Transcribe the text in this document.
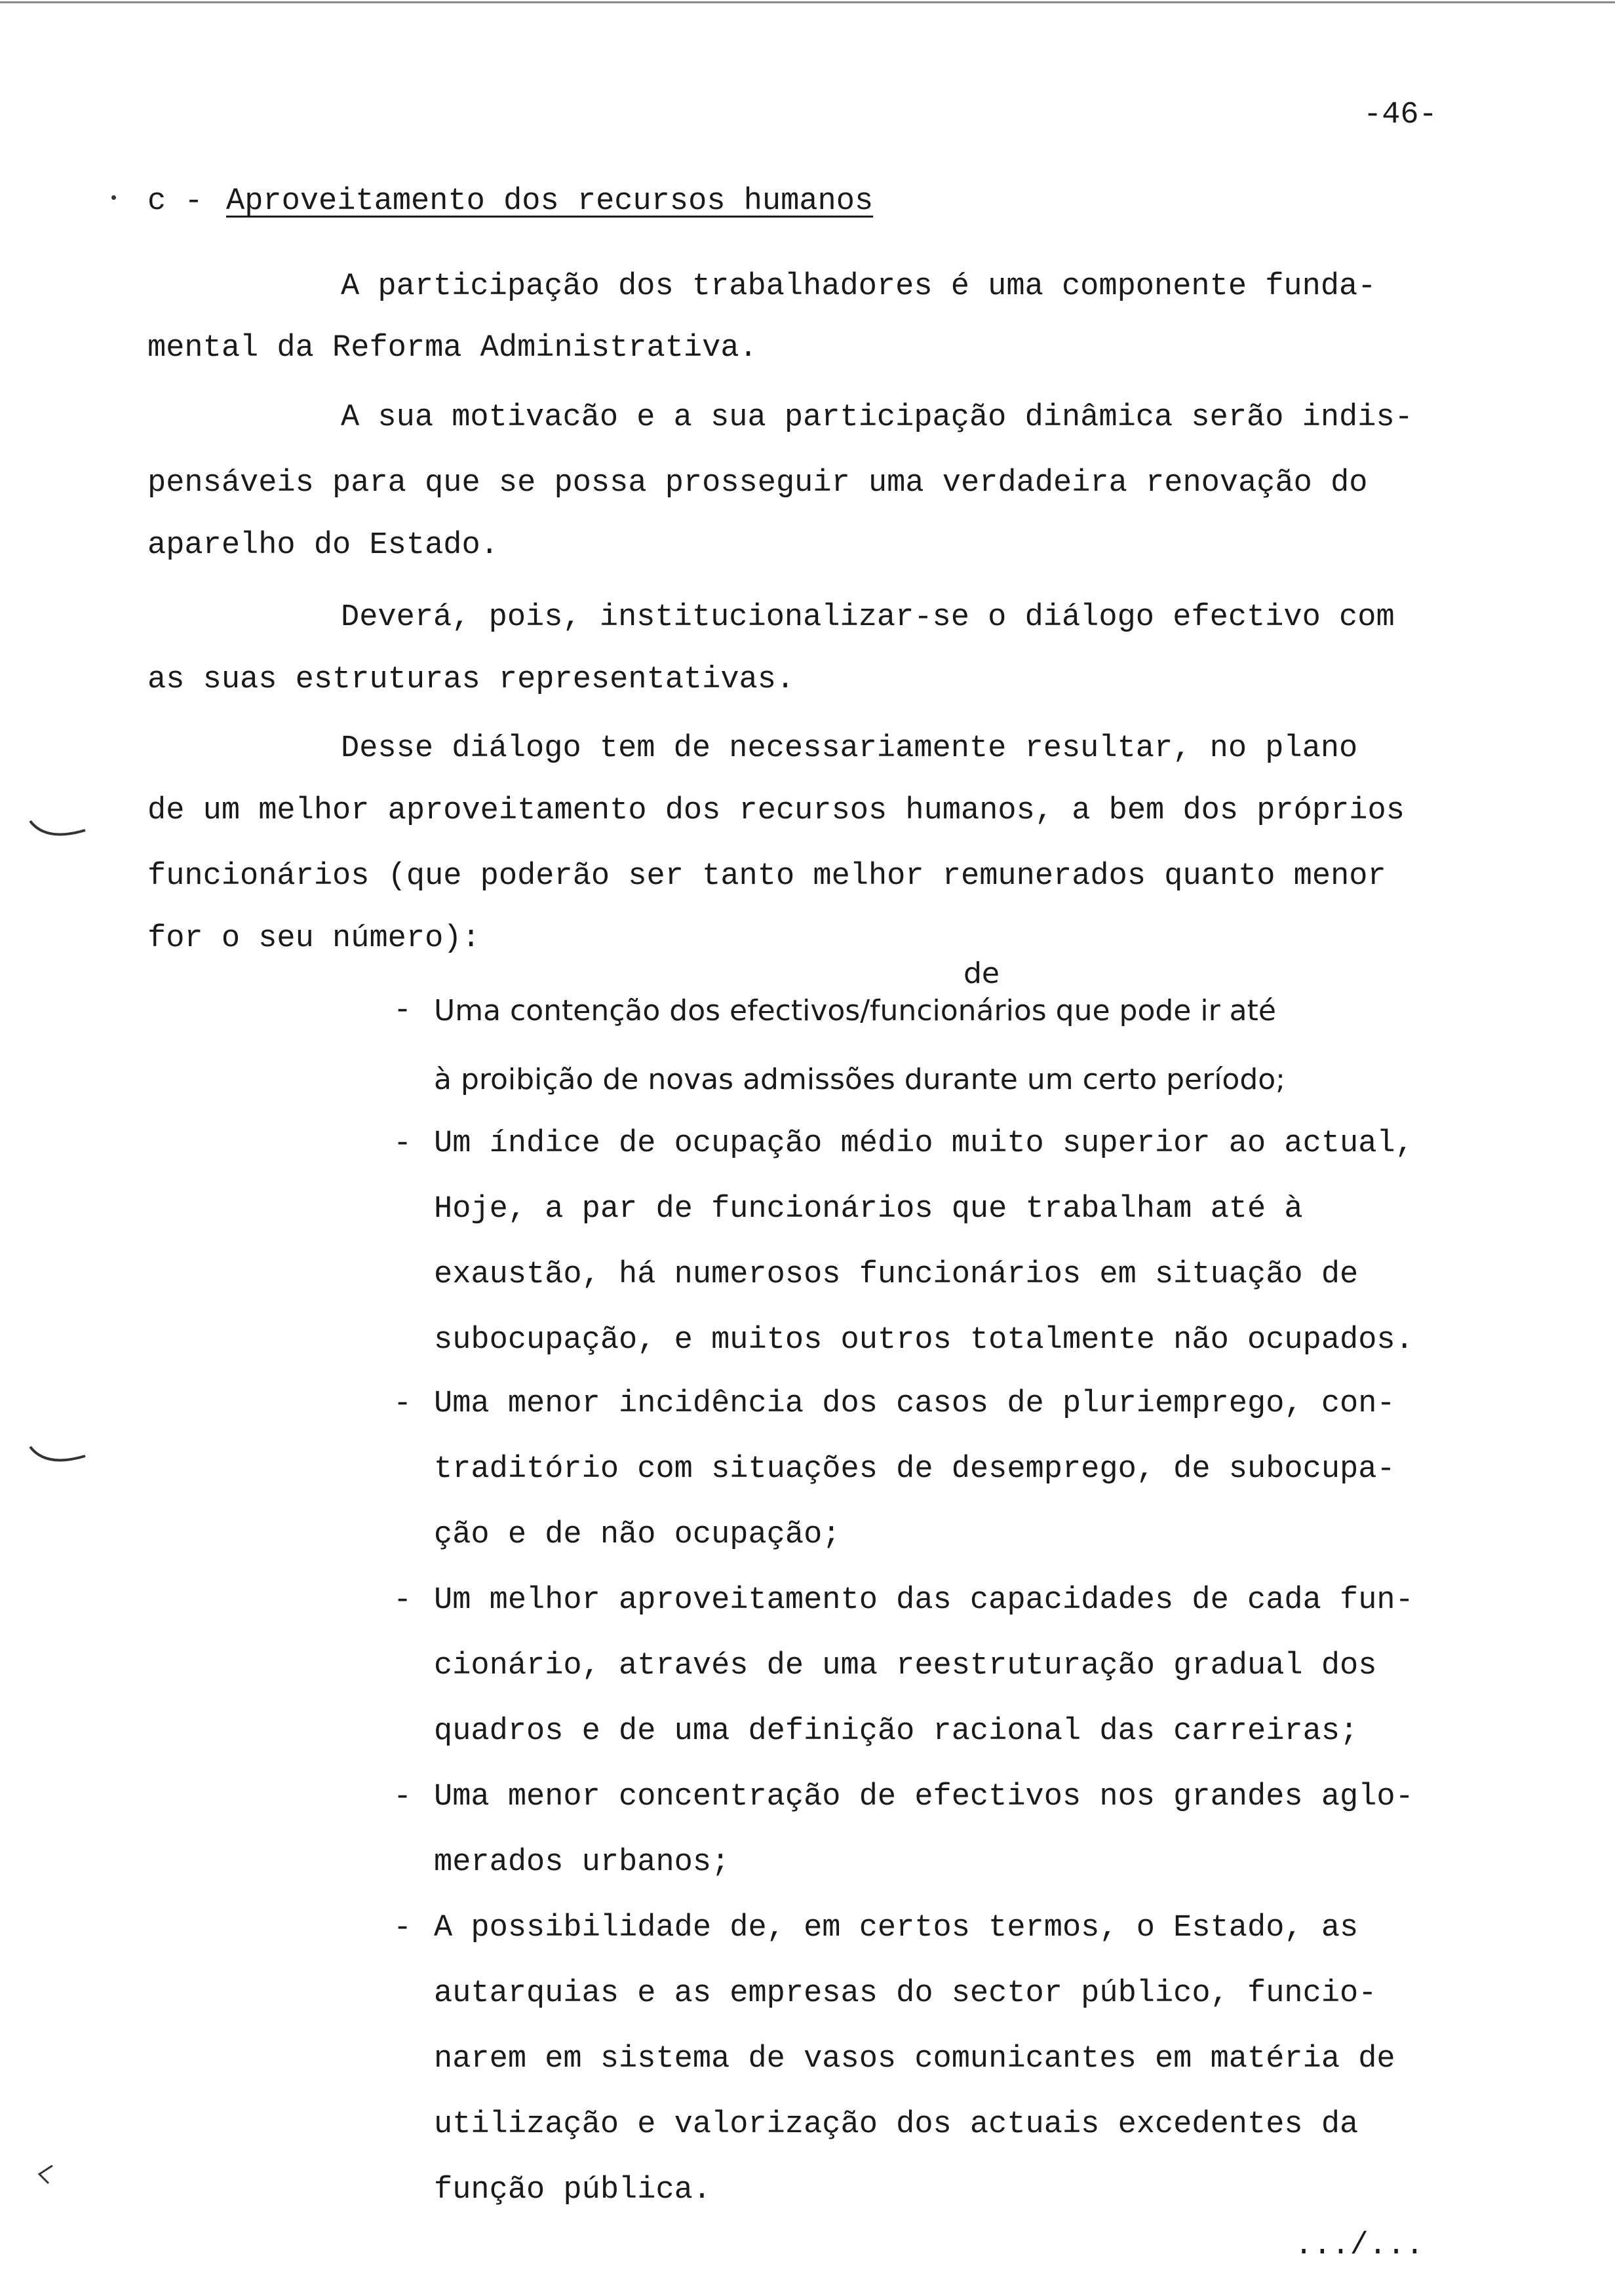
-46-
c - Aproveitamento dos recursos humanos
A participação dos trabalhadores é uma componente funda-
mental da Reforma Administrativa.
A sua motivacão e a sua participação dinâmica serão indis-
pensáveis para que se possa prosseguir uma verdadeira renovação do
aparelho do Estado.
Deverá, pois, institucionalizar-se o diálogo efectivo com
as suas estruturas representativas.
Desse diálogo tem de necessariamente resultar, no plano
de um melhor aproveitamento dos recursos humanos, a bem dos próprios
funcionários (que poderão ser tanto melhor remunerados quanto menor
for o seu número):
de
- Uma contenção dos efectivos/funcionários que pode ir até
à proibição de novas admissões durante um certo período;
- Um índice de ocupação médio muito superior ao actual,
Hoje, a par de funcionários que trabalham até à
exaustão, há numerosos funcionários em situação de
subocupação, e muitos outros totalmente não ocupados.
- Uma menor incidência dos casos de pluriemprego, con-
traditório com situações de desemprego, de subocupa-
ção e de não ocupação;
- Um melhor aproveitamento das capacidades de cada fun-
cionário, através de uma reestruturação gradual dos
quadros e de uma definição racional das carreiras;
- Uma menor concentração de efectivos nos grandes aglo-
merados urbanos;
- A possibilidade de, em certos termos, o Estado, as
autarquias e as empresas do sector público, funcio-
narem em sistema de vasos comunicantes em matéria de
utilização e valorização dos actuais excedentes da
função pública.
.../...
